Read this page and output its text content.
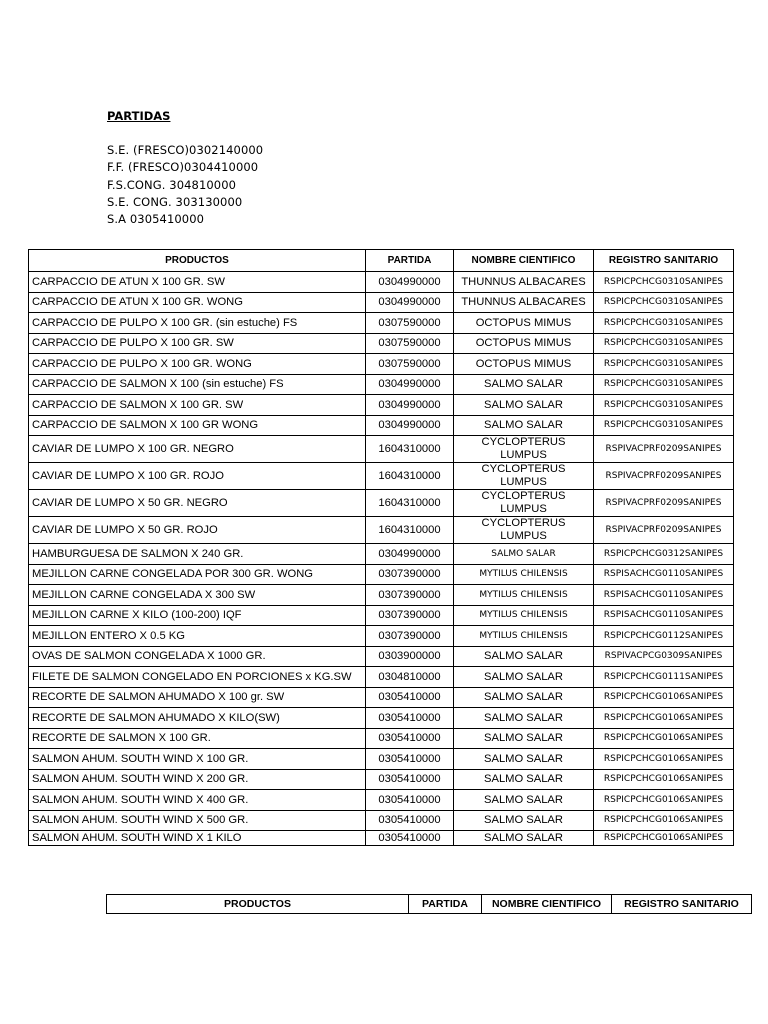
PARTIDAS
S.E. (FRESCO)0302140000
F.F. (FRESCO)0304410000
F.S.CONG. 304810000
S.E. CONG. 303130000
S.A 0305410000
PRODUCTOS	PARTIDA	NOMBRE CIENTIFICO	REGISTRO SANITARIO
CARPACCIO DE ATUN X 100 GR. SW	0304990000	THUNNUS ALBACARES	RSPICPCHCG0310SANIPES
CARPACCIO DE ATUN X 100 GR. WONG	0304990000	THUNNUS ALBACARES	RSPICPCHCG0310SANIPES
CARPACCIO DE PULPO X 100 GR. (sin estuche) FS	0307590000	OCTOPUS MIMUS	RSPICPCHCG0310SANIPES
CARPACCIO DE PULPO X 100 GR. SW	0307590000	OCTOPUS MIMUS	RSPICPCHCG0310SANIPES
CARPACCIO DE PULPO X 100 GR. WONG	0307590000	OCTOPUS MIMUS	RSPICPCHCG0310SANIPES
CARPACCIO DE SALMON X 100 (sin estuche) FS	0304990000	SALMO SALAR	RSPICPCHCG0310SANIPES
CARPACCIO DE SALMON X 100 GR. SW	0304990000	SALMO SALAR	RSPICPCHCG0310SANIPES
CARPACCIO DE SALMON X 100 GR WONG	0304990000	SALMO SALAR	RSPICPCHCG0310SANIPES
CAVIAR DE LUMPO X 100 GR. NEGRO	1604310000	CYCLOPTERUS LUMPUS	RSPIVACPRF0209SANIPES
CAVIAR DE LUMPO X 100 GR. ROJO	1604310000	CYCLOPTERUS LUMPUS	RSPIVACPRF0209SANIPES
CAVIAR DE LUMPO X 50 GR. NEGRO	1604310000	CYCLOPTERUS LUMPUS	RSPIVACPRF0209SANIPES
CAVIAR DE LUMPO X 50 GR. ROJO	1604310000	CYCLOPTERUS LUMPUS	RSPIVACPRF0209SANIPES
HAMBURGUESA DE SALMON X 240 GR.	0304990000	SALMO SALAR	RSPICPCHCG0312SANIPES
MEJILLON CARNE CONGELADA POR 300 GR. WONG	0307390000	MYTILUS CHILENSIS	RSPISACHCG0110SANIPES
MEJILLON CARNE CONGELADA X 300 SW	0307390000	MYTILUS CHILENSIS	RSPISACHCG0110SANIPES
MEJILLON CARNE X KILO (100-200) IQF	0307390000	MYTILUS CHILENSIS	RSPISACHCG0110SANIPES
MEJILLON ENTERO X 0.5 KG	0307390000	MYTILUS CHILENSIS	RSPICPCHCG0112SANIPES
OVAS DE SALMON CONGELADA X 1000 GR.	0303900000	SALMO SALAR	RSPIVACPCG0309SANIPES
FILETE DE SALMON CONGELADO EN PORCIONES x KG.SW	0304810000	SALMO SALAR	RSPICPCHCG0111SANIPES
RECORTE DE SALMON AHUMADO X 100 gr. SW	0305410000	SALMO SALAR	RSPICPCHCG0106SANIPES
RECORTE DE SALMON AHUMADO X KILO(SW)	0305410000	SALMO SALAR	RSPICPCHCG0106SANIPES
RECORTE DE SALMON X 100 GR.	0305410000	SALMO SALAR	RSPICPCHCG0106SANIPES
SALMON AHUM. SOUTH WIND X 100 GR.	0305410000	SALMO SALAR	RSPICPCHCG0106SANIPES
SALMON AHUM. SOUTH WIND X 200 GR.	0305410000	SALMO SALAR	RSPICPCHCG0106SANIPES
SALMON AHUM. SOUTH WIND X 400 GR.	0305410000	SALMO SALAR	RSPICPCHCG0106SANIPES
SALMON AHUM. SOUTH WIND X 500 GR.	0305410000	SALMO SALAR	RSPICPCHCG0106SANIPES
SALMON AHUM. SOUTH WIND X 1 KILO	0305410000	SALMO SALAR	RSPICPCHCG0106SANIPES
PRODUCTOS	PARTIDA	NOMBRE CIENTIFICO	REGISTRO SANITARIO
